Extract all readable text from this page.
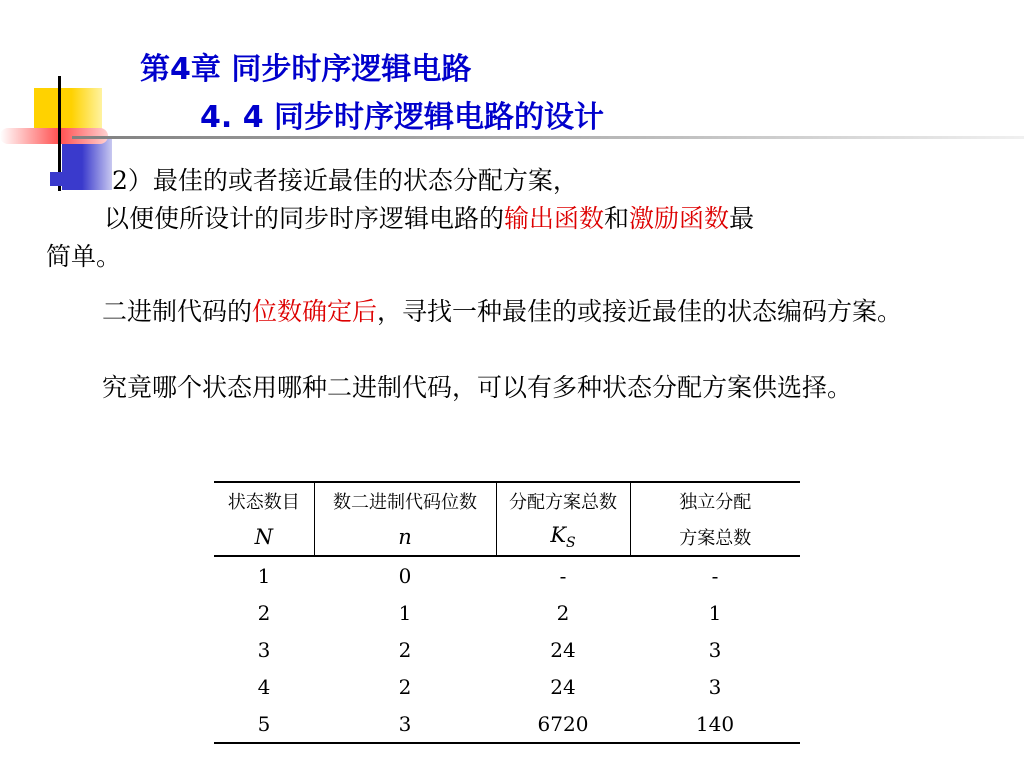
第4章 同步时序逻辑电路
4. 4 同步时序逻辑电路的设计
2）最佳的或者接近最佳的状态分配方案，
以便使所设计的同步时序逻辑电路的输出函数和激励函数最
简单。
二进制代码的位数确定后，寻找一种最佳的或接近最佳的状态编码方案。
究竟哪个状态用哪种二进制代码，可以有多种状态分配方案供选择。
状态数目	数二进制代码位数	分配方案总数	独立分配
N	n	$K_S$	方案总数
1	0	-	-
2	1	2	1
3	2	24	3
4	2	24	3
5	3	6720	140
